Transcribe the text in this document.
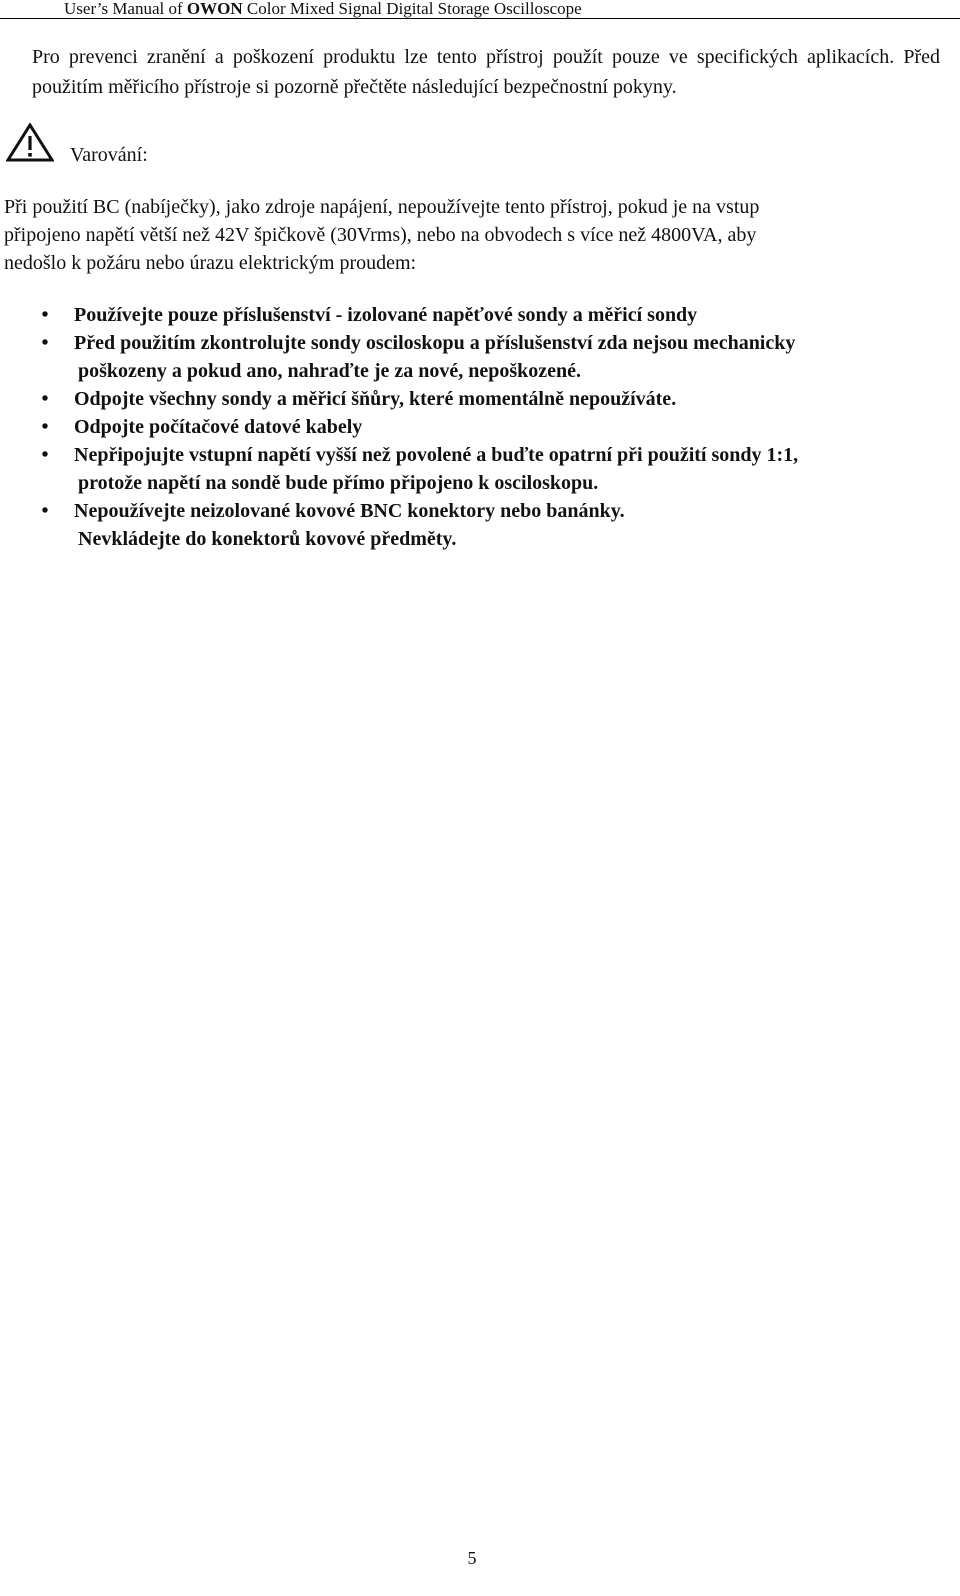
User’s Manual of OWON Color Mixed Signal Digital Storage Oscilloscope

Pro prevenci zranění a poškození produktu lze tento přístroj použít pouze ve specifických aplikacích. Před použitím měřicího přístroje si pozorně přečtěte následující bezpečnostní pokyny.

Varování:

Při použití BC (nabíječky), jako zdroje napájení, nepoužívejte tento přístroj, pokud je na vstup
připojeno napětí větší než 42V špičkově (30Vrms), nebo na obvodech s více než 4800VA, aby
nedošlo k požáru nebo úrazu elektrickým proudem:

•	Používejte pouze příslušenství - izolované napěťové sondy a měřicí sondy
•	Před použitím zkontrolujte sondy osciloskopu a příslušenství zda nejsou mechanicky
poškozeny a pokud ano, nahraďte je za nové, nepoškozené.
•	Odpojte všechny sondy a měřicí šňůry, které momentálně nepoužíváte.
•	Odpojte počítačové datové kabely
•	Nepřipojujte vstupní napětí vyšší než povolené a buďte opatrní při použití sondy 1:1,
protože napětí na sondě bude přímo připojeno k osciloskopu.
•	Nepoužívejte neizolované kovové BNC konektory nebo banánky.
Nevkládejte do konektorů kovové předměty.
5
